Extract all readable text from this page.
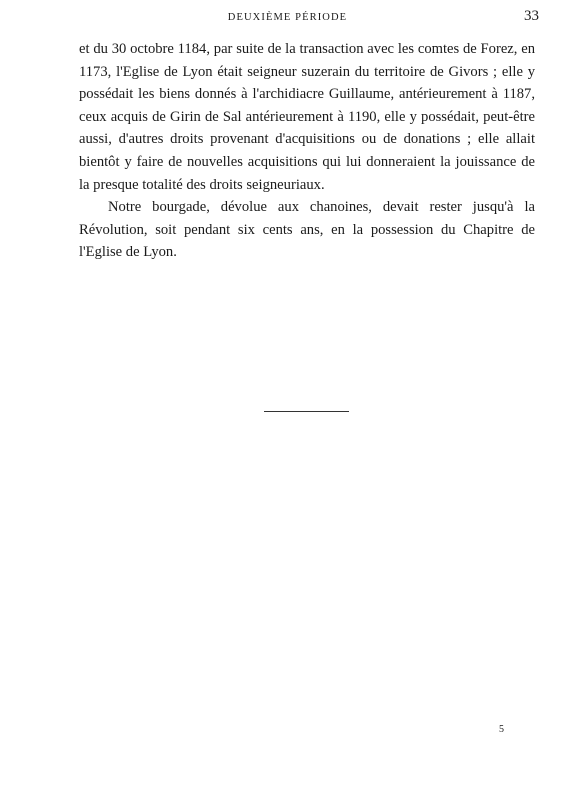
DEUXIÈME PÉRIODE	33

et du 30 octobre 1184, par suite de la transaction avec les comtes de Forez, en 1173, l'Eglise de Lyon était seigneur suzerain du territoire de Givors ; elle y possédait les biens donnés à l'archidiacre Guillaume, antérieurement à 1187, ceux acquis de Girin de Sal antérieurement à 1190, elle y possédait, peut-être aussi, d'autres droits provenant d'acquisitions ou de donations ; elle allait bientôt y faire de nouvelles acquisitions qui lui donneraient la jouissance de la presque totalité des droits seigneuriaux.

Notre bourgade, dévolue aux chanoines, devait rester jusqu'à la Révolution, soit pendant six cents ans, en la possession du Chapitre de l'Eglise de Lyon.

5
